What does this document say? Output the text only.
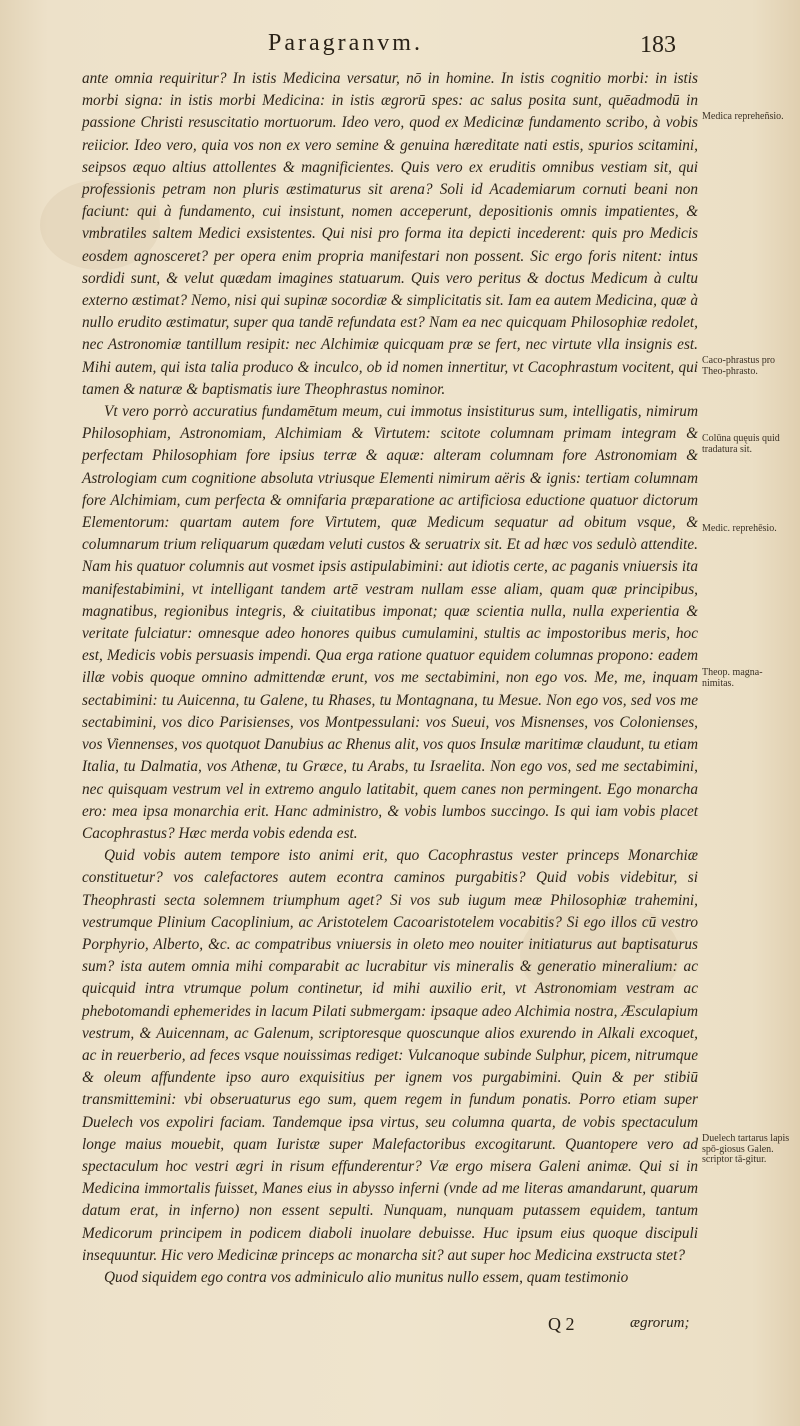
Paragranvm.	183

ante omnia requiritur? In istis Medicina versatur, nō in homine. In istis cognitio morbi: in istis morbi signa: in istis morbi Medicina: in istis ægrorū spes: ac salus posita sunt, quēadmodū in passione Christi resuscitatio mortuorum. Ideo vero, quod ex Medicinæ fundamento scribo, à vobis reiicior. Ideo vero, quia vos non ex vero semine & genuina hæreditate nati estis, spurios scitamini, seipsos æquo altius attollentes & magnificientes. Quis vero ex eruditis omnibus vestiam sit, qui professionis petram non pluris æstimaturus sit arena? Soli id Academiarum cornuti beani non faciunt: qui à fundamento, cui insistunt, nomen acceperunt, depositionis omnis impatientes, & vmbratiles saltem Medici exsistentes. Qui nisi pro forma ita depicti incederent: quis pro Medicis eosdem agnosceret? per opera enim propria manifestari non possent. Sic ergo foris nitent: intus sordidi sunt, & velut quædam imagines statuarum. Quis vero peritus & doctus Medicum à cultu externo æstimat? Nemo, nisi qui supinæ socordiæ & simplicitatis sit. Iam ea autem Medicina, quæ à nullo erudito æstimatur, super qua tandē refundata est? Nam ea nec quicquam Philosophiæ redolet, nec Astronomiæ tantillum resipit: nec Alchimiæ quicquam præ se fert, nec virtute vlla insignis est. Mihi autem, qui ista talia produco & inculco, ob id nomen innertitur, vt Cacophrastum vocitent, qui tamen & naturæ & baptismatis iure Theophrastus nominor.

Vt vero porrò accuratius fundamētum meum, cui immotus insistiturus sum, intelligatis, nimirum Philosophiam, Astronomiam, Alchimiam & Virtutem: scitote columnam primam integram & perfectam Philosophiam fore ipsius terræ & aquæ: alteram columnam fore Astronomiam & Astrologiam cum cognitione absoluta vtriusque Elementi nimirum aëris & ignis: tertiam columnam fore Alchimiam, cum perfecta & omnifaria præparatione ac artificiosa eductione quatuor dictorum Elementorum: quartam autem fore Virtutem, quæ Medicum sequatur ad obitum vsque, & columnarum trium reliquarum quædam veluti custos & seruatrix sit. Et ad hæc vos sedulò attendite. Nam his quatuor columnis aut vosmet ipsis astipulabimini: aut idiotis certe, ac paganis vniuersis ita manifestabimini, vt intelligant tandem artē vestram nullam esse aliam, quam quæ principibus, magnatibus, regionibus integris, & ciuitatibus imponat; quæ scientia nulla, nulla experientia & veritate fulciatur: omnesque adeo honores quibus cumulamini, stultis ac impostoribus meris, hoc est, Medicis vobis persuasis impendi. Qua erga ratione quatuor equidem columnas propono: eadem illæ vobis quoque omnino admittendæ erunt, vos me sectabimini, non ego vos. Me, me, inquam sectabimini: tu Auicenna, tu Galene, tu Rhases, tu Montagnana, tu Mesue. Non ego vos, sed vos me sectabimini, vos dico Parisienses, vos Montpessulani: vos Sueui, vos Misnenses, vos Colonienses, vos Viennenses, vos quotquot Danubius ac Rhenus alit, vos quos Insulæ maritimæ claudunt, tu etiam Italia, tu Dalmatia, vos Athenæ, tu Græce, tu Arabs, tu Israelita. Non ego vos, sed me sectabimini, nec quisquam vestrum vel in extremo angulo latitabit, quem canes non permingent. Ego monarcha ero: mea ipsa monarchia erit. Hanc administro, & vobis lumbos succingo. Is qui iam vobis placet Cacophrastus? Hæc merda vobis edenda est.

Quid vobis autem tempore isto animi erit, quo Cacophrastus vester princeps Monarchiæ constituetur? vos calefactores autem econtra caminos purgabitis? Quid vobis videbitur, si Theophrasti secta solemnem triumphum aget? Si vos sub iugum meæ Philosophiæ trahemini, vestrumque Plinium Cacoplinium, ac Aristotelem Cacoaristotelem vocabitis? Si ego illos cū vestro Porphyrio, Alberto, &c. ac compatribus vniuersis in oleto meo nouiter initiaturus aut baptisaturus sum? ista autem omnia mihi comparabit ac lucrabitur vis mineralis & generatio mineralium: ac quicquid intra vtrumque polum continetur, id mihi auxilio erit, vt Astronomiam vestram ac phebotomandi ephemerides in lacum Pilati submergam: ipsaque adeo Alchimia nostra, Æsculapium vestrum, & Auicennam, ac Galenum, scriptoresque quoscunque alios exurendo in Alkali excoquet, ac in reuerberio, ad feces vsque nouissimas rediget: Vulcanoque subinde Sulphur, picem, nitrumque & oleum affundente ipso auro exquisitius per ignem vos purgabimini. Quin & per stibiū transmittemini: vbi obseruaturus ego sum, quem regem in fundum ponatis. Porro etiam super Duelech vos expoliri faciam. Tandemque ipsa virtus, seu columna quarta, de vobis spectaculum longe maius mouebit, quam Iuristæ super Malefactoribus excogitarunt. Quantopere vero ad spectaculum hoc vestri ægri in risum effunderentur? Væ ergo misera Galeni animæ. Qui si in Medicina immortalis fuisset, Manes eius in abysso inferni (vnde ad me literas amandarunt, quarum datum erat, in inferno) non essent sepulti. Nunquam, nunquam putassem equidem, tantum Medicorum principem in podicem diaboli inuolare debuisse. Huc ipsum eius quoque discipuli insequuntur. Hic vero Medicinæ princeps ac monarcha sit? aut super hoc Medicina exstructa stet?

Quod siquidem ego contra vos adminiculo alio munitus nullo essem, quam testimonio

Medica repreheñsio.
Caco-phrastus pro Theo-phrasto.
Colūna quęuis quid tradatura sit.
Medic. reprehēsio.
Theop. magna-nimitas.
Duelech tartarus lapis spō-giosus Galen. scriptor tā-gitur.
Q 2	ægrorum;
